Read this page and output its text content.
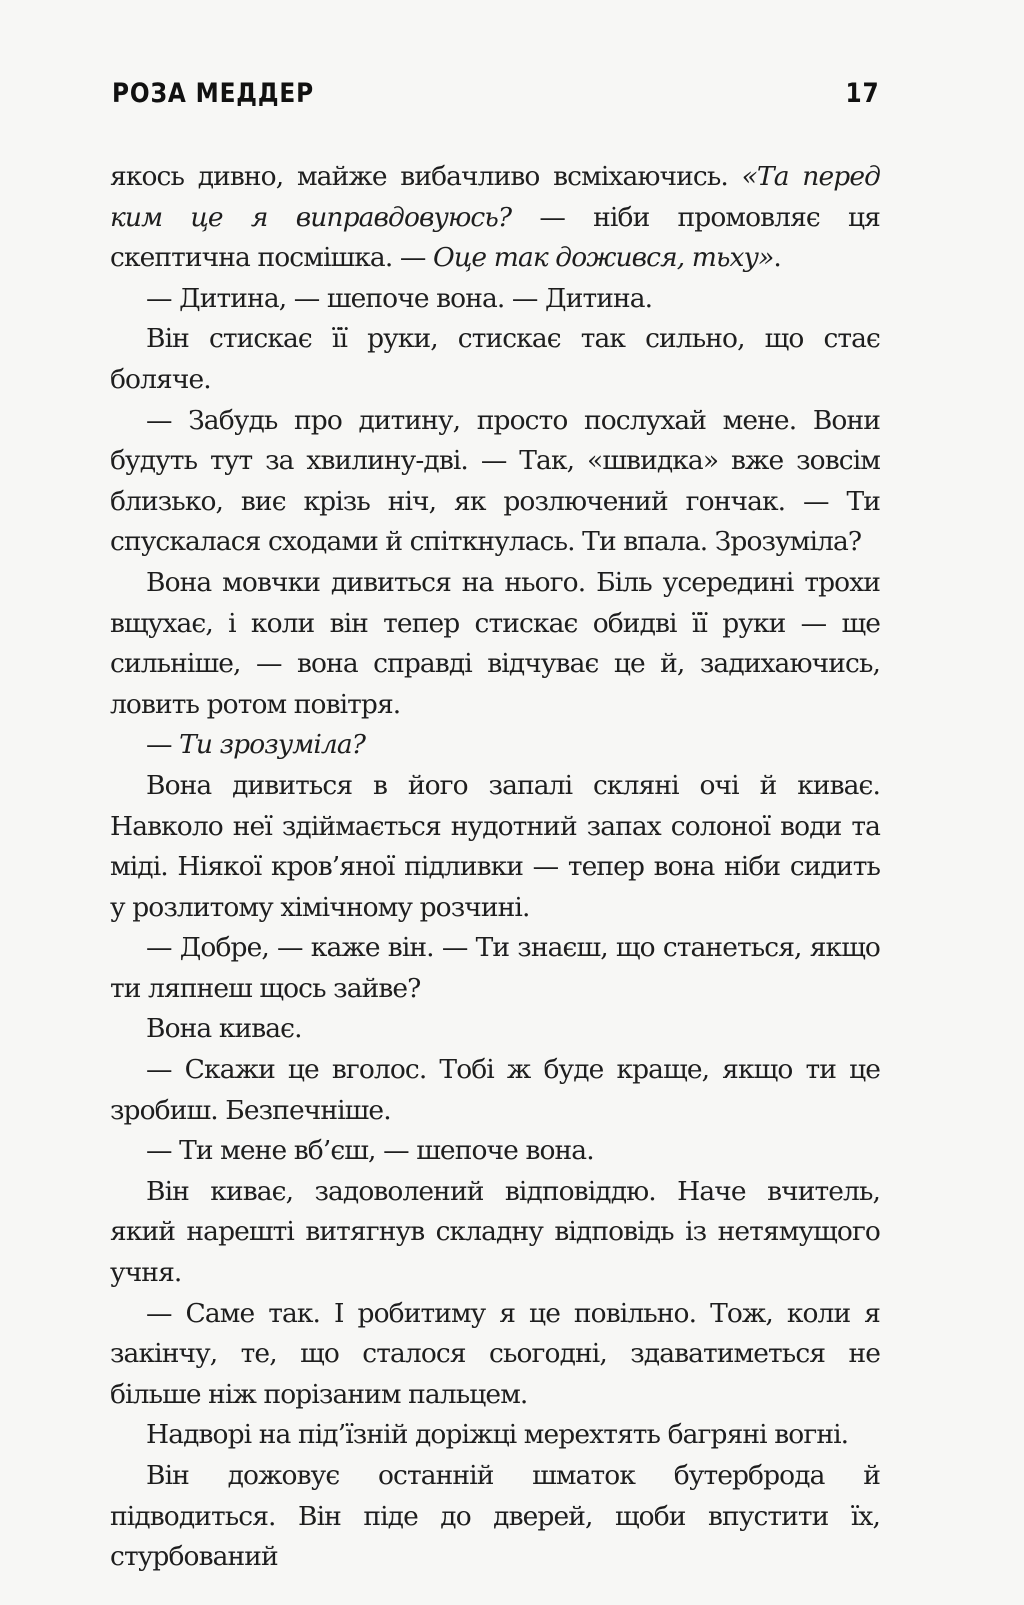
РОЗА МЕДДЕР	17

якось дивно, майже вибачливо всміхаючись. «Та перед ким це я виправдовуюсь? — ніби промовляє ця скептична посмішка. — Оце так дожився, тьху».

— Дитина, — шепоче вона. — Дитина.

Він стискає її руки, стискає так сильно, що стає боляче.

— Забудь про дитину, просто послухай мене. Вони будуть тут за хвилину-дві. — Так, «швидка» вже зовсім близько, виє крізь ніч, як розлючений гончак. — Ти спускалася сходами й спіткнулась. Ти впала. Зрозуміла?

Вона мовчки дивиться на нього. Біль усередині трохи вщухає, і коли він тепер стискає обидві її руки — ще сильніше, — вона справді відчуває це й, задихаючись, ловить ротом повітря.

— Ти зрозуміла?

Вона дивиться в його запалі скляні очі й киває. Навколо неї здіймається нудотний запах солоної води та міді. Ніякої кров’яної підливки — тепер вона ніби сидить у розлитому хімічному розчині.

— Добре, — каже він. — Ти знаєш, що станеться, якщо ти ляпнеш щось зайве?

Вона киває.

— Скажи це вголос. Тобі ж буде краще, якщо ти це зробиш. Безпечніше.

— Ти мене вб’єш, — шепоче вона.

Він киває, задоволений відповіддю. Наче вчитель, який нарешті витягнув складну відповідь із нетямущого учня.

— Саме так. І робитиму я це повільно. Тож, коли я закінчу, те, що сталося сьогодні, здаватиметься не більше ніж порізаним пальцем.

Надворі на під’їзній доріжці мерехтять багряні вогні.

Він дожовує останній шматок бутерброда й підводиться. Він піде до дверей, щоби впустити їх, стурбований
